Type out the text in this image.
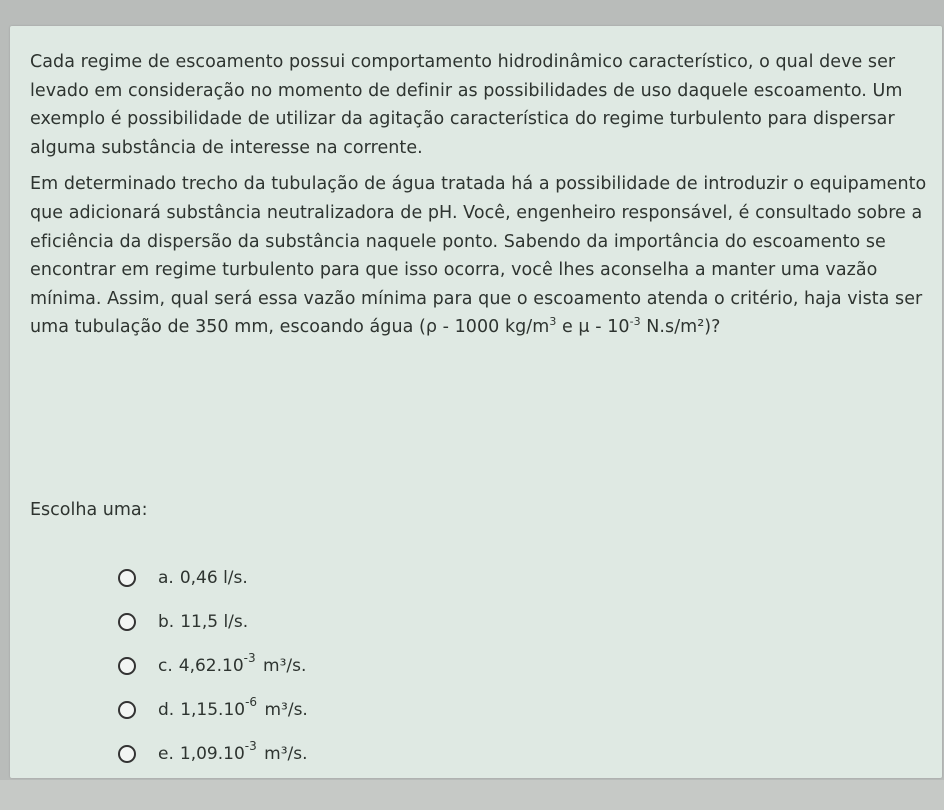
Cada regime de escoamento possui comportamento hidrodinâmico característico, o qual deve ser levado em consideração no momento de definir as possibilidades de uso daquele escoamento. Um exemplo é possibilidade de utilizar da agitação característica do regime turbulento para dispersar alguma substância de interesse na corrente.

Em determinado trecho da tubulação de água tratada há a possibilidade de introduzir o equipamento que adicionará substância neutralizadora de pH. Você, engenheiro responsável, é consultado sobre a eficiência da dispersão da substância naquele ponto. Sabendo da importância do escoamento se encontrar em regime turbulento para que isso ocorra, você lhes aconselha a manter uma vazão mínima. Assim, qual será essa vazão mínima para que o escoamento atenda o critério, haja vista ser uma tubulação de 350 mm, escoando água (ρ - 1000 $kg/m^3$ e μ - $10^{-3}$ N.s/m²)?

Escolha uma:
a. 0,46 l/s.
b. 11,5 l/s.
c. $4,62.10^{-3}$ m³/s.
d. $1,15.10^{-6}$ m³/s.
e. $1,09.10^{-3}$ m³/s.
